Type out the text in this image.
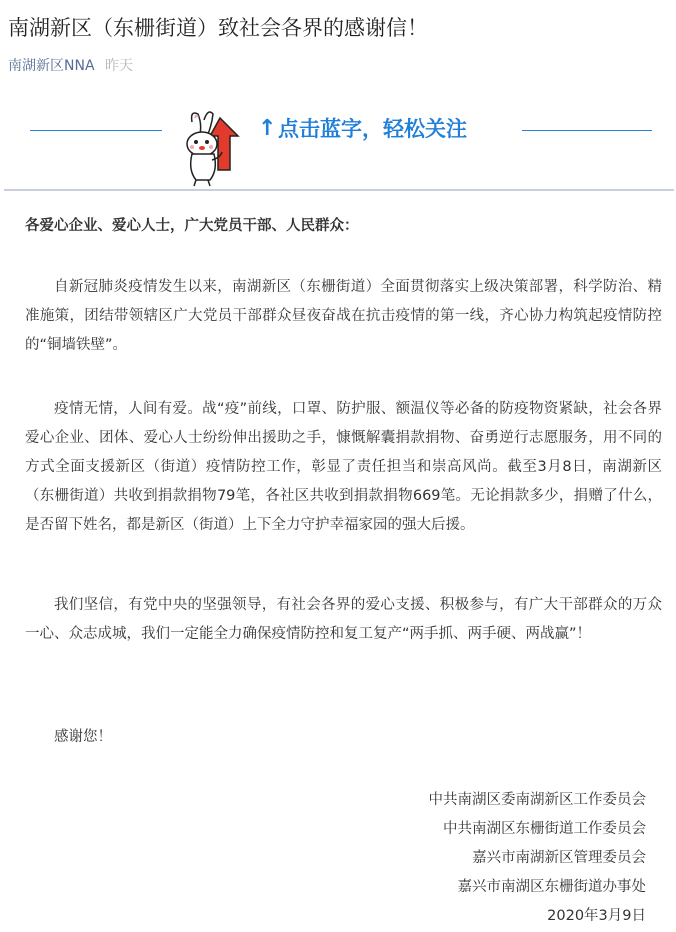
南湖新区（东栅街道）致社会各界的感谢信！
南湖新区NNA 昨天
↑ 点击蓝字，轻松关注
各爱心企业、爱心人士，广大党员干部、人民群众：

自新冠肺炎疫情发生以来，南湖新区（东栅街道）全面贯彻落实上级决策部署，科学防治、精准施策，团结带领辖区广大党员干部群众昼夜奋战在抗击疫情的第一线，齐心协力构筑起疫情防控的“铜墙铁壁”。

疫情无情，人间有爱。战“疫”前线，口罩、防护服、额温仪等必备的防疫物资紧缺，社会各界爱心企业、团体、爱心人士纷纷伸出援助之手，慷慨解囊捐款捐物、奋勇逆行志愿服务，用不同的方式全面支援新区（街道）疫情防控工作，彰显了责任担当和崇高风尚。截至3月8日，南湖新区（东栅街道）共收到捐款捐物79笔，各社区共收到捐款捐物669笔。无论捐款多少，捐赠了什么，是否留下姓名，都是新区（街道）上下全力守护幸福家园的强大后援。

我们坚信，有党中央的坚强领导，有社会各界的爱心支援、积极参与，有广大干部群众的万众一心、众志成城，我们一定能全力确保疫情防控和复工复产“两手抓、两手硬、两战赢”！

感谢您！

中共南湖区委南湖新区工作委员会
中共南湖区东栅街道工作委员会
嘉兴市南湖新区管理委员会
嘉兴市南湖区东栅街道办事处
2020年3月9日
